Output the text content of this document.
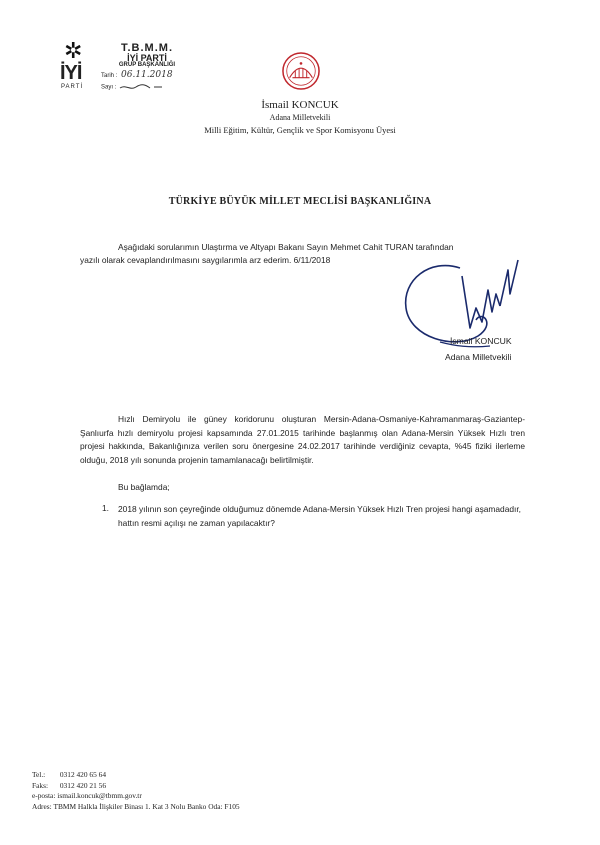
✲
İYİ
PARTİ
T.B.M.M.
İYİ PARTİ
GRUP BAŞKANLIĞI
Tarih : 06.11.2018
Sayı :
İsmail KONCUK
Adana Milletvekili
Milli Eğitim, Kültür, Gençlik ve Spor Komisyonu Üyesi
TÜRKİYE BÜYÜK MİLLET MECLİSİ BAŞKANLIĞINA
Aşağıdaki sorularımın Ulaştırma ve Altyapı Bakanı Sayın Mehmet Cahit TURAN tarafından
yazılı olarak cevaplandırılmasını saygılarımla arz ederim. 6/11/2018
İsmail KONCUK
Adana Milletvekili
Hızlı Demiryolu ile güney koridorunu oluşturan Mersin-Adana-Osmaniye-Kahramanmaraş-Gaziantep-Şanlıurfa hızlı demiryolu projesi kapsamında 27.01.2015 tarihinde başlanmış olan Adana-Mersin Yüksek Hızlı tren projesi hakkında, Bakanlığınıza verilen soru önergesine 24.02.2017 tarihinde verdiğiniz cevapta, %45 fiziki ilerleme olduğu, 2018 yılı sonunda projenin tamamlanacağı belirtilmiştir.
Bu bağlamda;
1. 2018 yılının son çeyreğinde olduğumuz dönemde Adana-Mersin Yüksek Hızlı Tren projesi hangi aşamadadır, hattın resmi açılışı ne zaman yapılacaktır?
Tel.: 0312 420 65 64
Faks: 0312 420 21 56
e-posta: ismail.koncuk@tbmm.gov.tr
Adres: TBMM Halkla İlişkiler Binası 1. Kat 3 Nolu Banko Oda: F105
